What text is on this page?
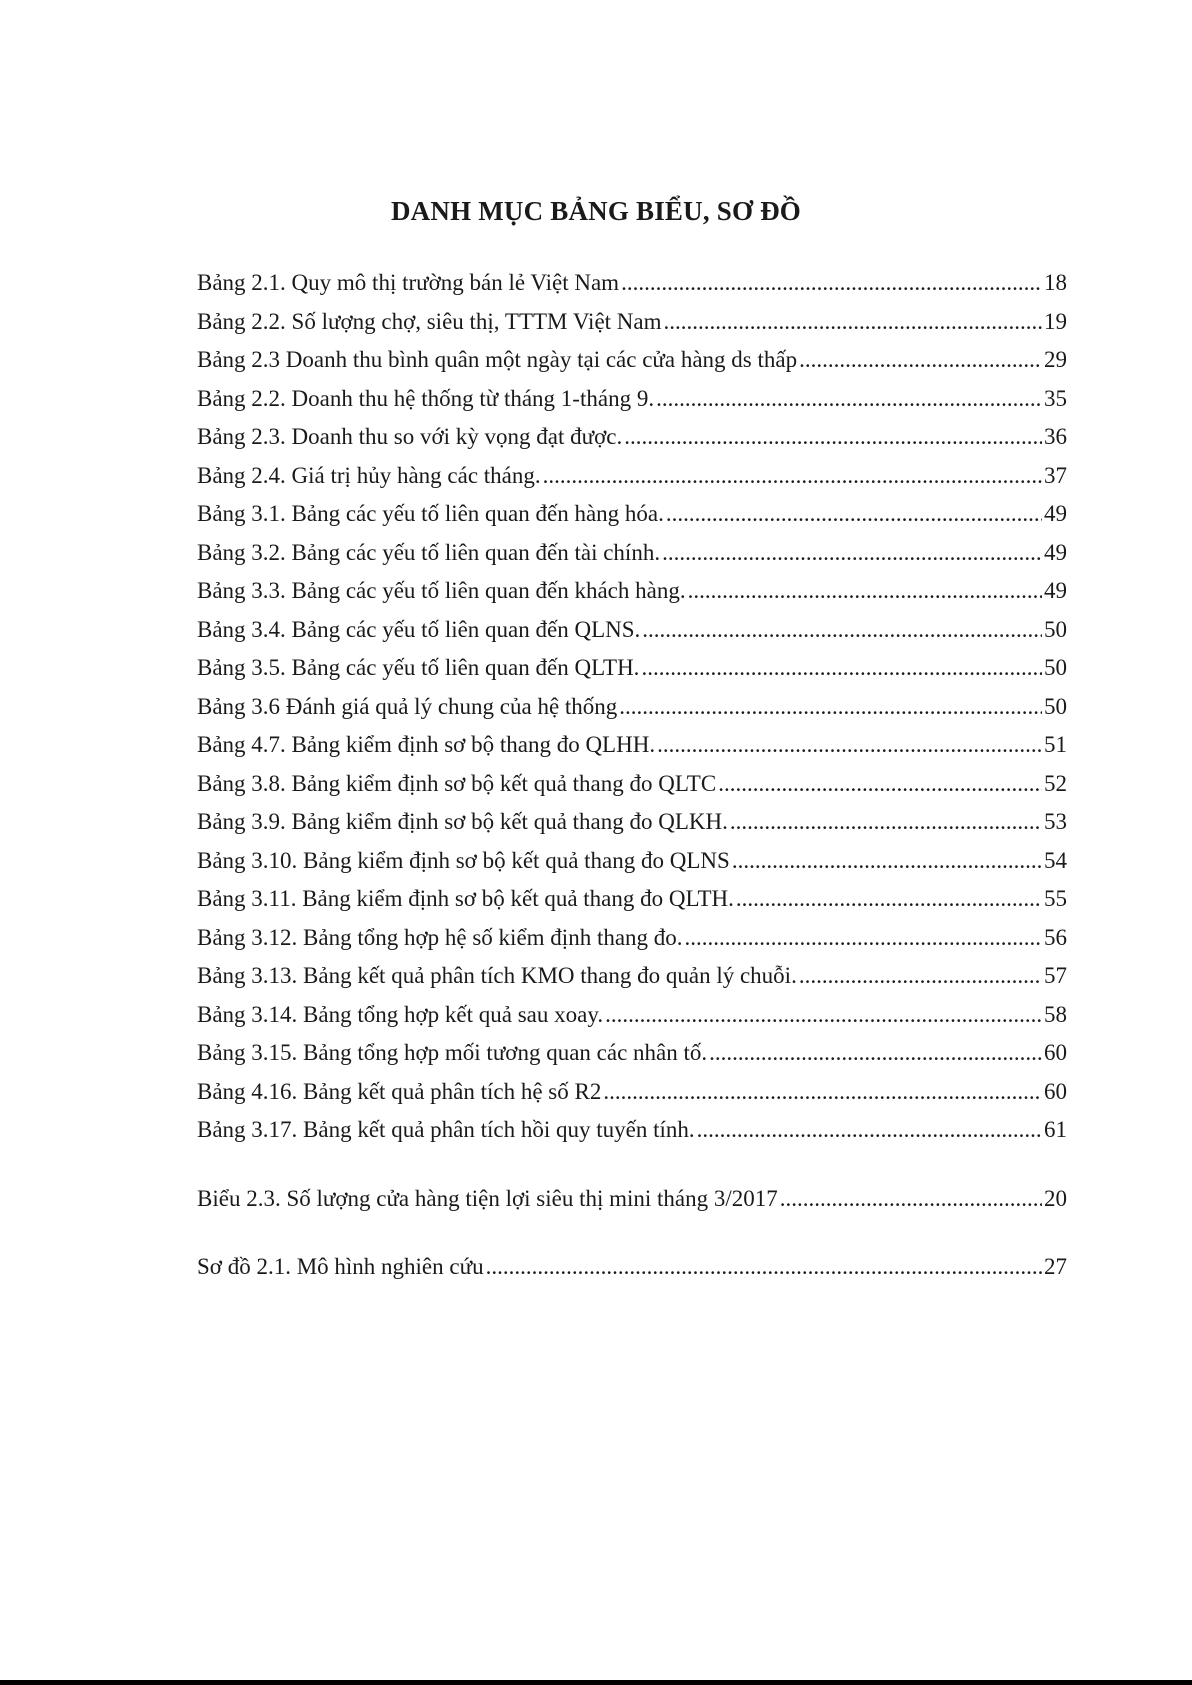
DANH MỤC BẢNG BIỂU, SƠ ĐỒ
Bảng 2.1. Quy mô thị trường bán lẻ Việt Nam .....	18
Bảng 2.2. Số lượng chợ, siêu thị, TTTM Việt Nam .....	19
Bảng 2.3 Doanh thu bình quân một ngày tại các cửa hàng ds thấp .....	29
Bảng 2.2. Doanh thu hệ thống từ tháng 1-tháng 9. .....	35
Bảng 2.3. Doanh thu so với kỳ vọng đạt được. .....	36
Bảng 2.4. Giá trị hủy hàng các tháng. .....	37
Bảng 3.1. Bảng các yếu tố liên quan đến hàng hóa. .....	49
Bảng 3.2. Bảng các yếu tố liên quan đến tài chính. .....	49
Bảng 3.3. Bảng các yếu tố liên quan đến khách hàng. .....	49
Bảng 3.4. Bảng các yếu tố liên quan đến QLNS. .....	50
Bảng 3.5. Bảng các yếu tố liên quan đến QLTH. .....	50
Bảng 3.6 Đánh giá quả lý chung của hệ thống .....	50
Bảng 4.7. Bảng kiểm định sơ bộ thang đo QLHH. .....	51
Bảng 3.8. Bảng kiểm định sơ bộ kết quả thang đo QLTC .....	52
Bảng 3.9. Bảng kiểm định sơ bộ kết quả thang đo QLKH. .....	53
Bảng 3.10. Bảng kiểm định sơ bộ kết quả thang đo QLNS .....	54
Bảng 3.11. Bảng kiểm định sơ bộ kết quả thang đo QLTH. .....	55
Bảng 3.12. Bảng tổng hợp hệ số kiểm định thang đo. .....	56
Bảng 3.13. Bảng kết quả phân tích KMO thang đo quản lý chuỗi. .....	57
Bảng 3.14. Bảng tổng hợp kết quả sau xoay. .....	58
Bảng 3.15. Bảng tổng hợp mối tương quan các nhân tố. .....	60
Bảng 4.16. Bảng kết quả phân tích hệ số R2 .....	60
Bảng 3.17. Bảng kết quả phân tích hồi quy tuyến tính. .....	61
Biểu 2.3. Số lượng cửa hàng tiện lợi siêu thị mini tháng 3/2017 .....	20
Sơ đồ 2.1. Mô hình nghiên cứu .....	27
